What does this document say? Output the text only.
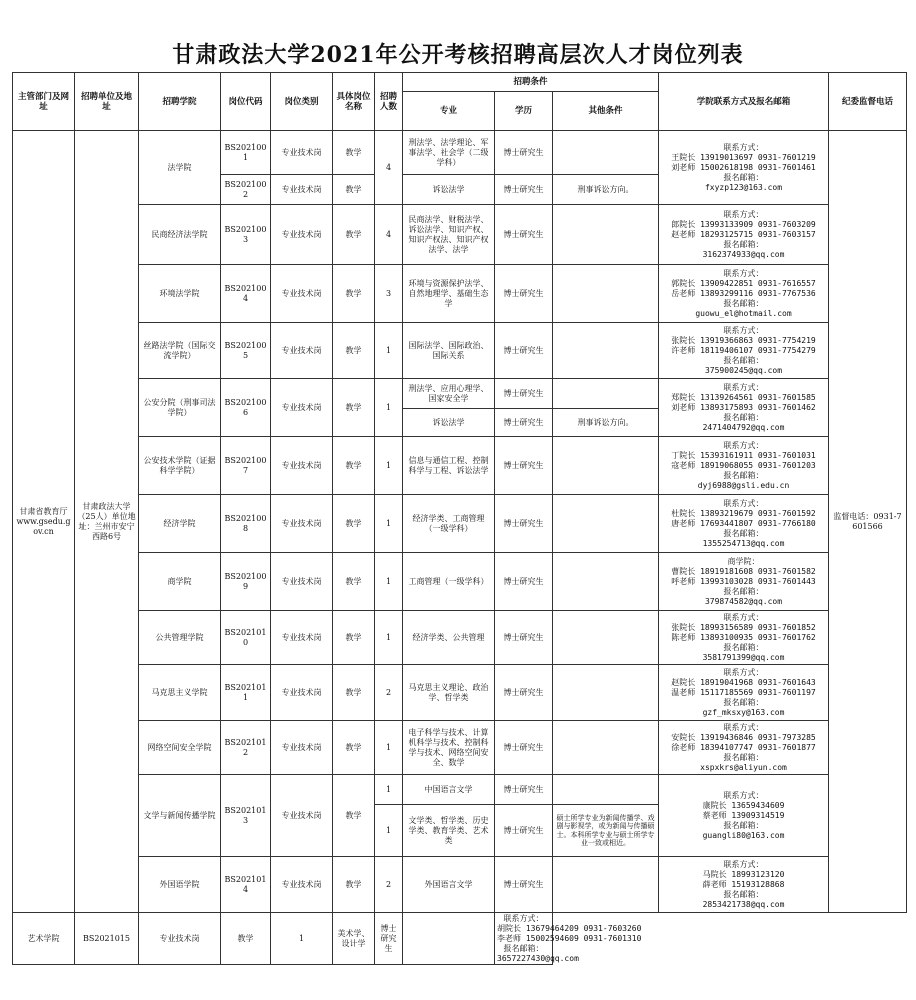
甘肃政法大学2021年公开考核招聘高层次人才岗位列表
主管部门及网址	招聘单位及地址	招聘学院	岗位代码	岗位类别	具体岗位名称	招聘人数	招聘条件			学院联系方式及报名邮箱	纪委监督电话
							专业	学历	其他条件		
甘肃省教育厅 www.gsedu.gov.cn	甘肃政法大学（25人）单位地址：兰州市安宁西路6号	法学院	BS2021001	专业技术岗	教学	4	刑法学、法学理论、军事法学、社会学（二级学科）	博士研究生		联系方式：
王院长 13919013697 0931-7601219
刘老师 15002618198 0931-7601461
报名邮箱：
fxyzp123@163.com	监督电话：0931-7601566
			BS2021002	专业技术岗	教学		诉讼法学	博士研究生	刑事诉讼方向。		
		民商经济法学院	BS2021003	专业技术岗	教学	4	民商法学、财税法学、诉讼法学、知识产权、知识产权法、知识产权法学、法学	博士研究生		联系方式：
郎院长 13993133909 0931-7603209
赵老师 18293125715 0931-7603157
报名邮箱：
3162374933@qq.com	

		环境法学院	BS2021004	专业技术岗	教学	3	环境与资源保护法学、自然地理学、基础生态学	博士研究生		联系方式：
郭院长 13909422851 0931-7616557
岳老师 13893299116 0931-7767536
报名邮箱：
guowu_el@hotmail.com	

		丝路法学院（国际交流学院）	BS2021005	专业技术岗	教学	1	国际法学、国际政治、国际关系	博士研究生		联系方式：
张院长 13919366863 0931-7754219
许老师 18119406107 0931-7754279
报名邮箱：
375900245@qq.com	

		公安分院（刑事司法学院）	BS2021006	专业技术岗	教学	1	刑法学、应用心理学、国家安全学	博士研究生		联系方式：
郑院长 13139264561 0931-7601585
刘老师 13893175893 0931-7601462
报名邮箱：
2471404792@qq.com	

							诉讼法学	博士研究生	刑事诉讼方向。		
		公安技术学院（证据科学学院）	BS2021007	专业技术岗	教学	1	信息与通信工程、控制科学与工程、诉讼法学	博士研究生		联系方式：
丁院长 15393161911 0931-7601031
寇老师 18919068055 0931-7601203
报名邮箱：
dyj6988@gsli.edu.cn	

		经济学院	BS2021008	专业技术岗	教学	1	经济学类、工商管理（一级学科）	博士研究生		联系方式：
杜院长 13893219679 0931-7601592
唐老师 17693441807 0931-7766180
报名邮箱：
1355254713@qq.com	

		商学院	BS2021009	专业技术岗	教学	1	工商管理（一级学科）	博士研究生		商学院：
曹院长 18919181608 0931-7601582
呼老师 13993103028 0931-7601443
报名邮箱：
379874582@qq.com	

		公共管理学院	BS2021010	专业技术岗	教学	1	经济学类、公共管理	博士研究生		联系方式：
张院长 18993156589 0931-7601852
陈老师 13893100935 0931-7601762
报名邮箱：
3581791399@qq.com	

		马克思主义学院	BS2021011	专业技术岗	教学	2	马克思主义理论、政治学、哲学类	博士研究生		联系方式：
赵院长 18919041968 0931-7601643
温老师 15117185569 0931-7601197
报名邮箱：
gzf_mksxy@163.com	

		网络空间安全学院	BS2021012	专业技术岗	教学	1	电子科学与技术、计算机科学与技术、控制科学与技术、网络空间安全、数学	博士研究生		联系方式：
安院长 13919436846 0931-7973285
徐老师 18394107747 0931-7601877
报名邮箱：
xspxkrs@aliyun.com	

		文学与新闻传播学院	BS2021013	专业技术岗	教学	1	中国语言文学	博士研究生		联系方式：
康院长 13659434609
蔡老师 13909314519
报名邮箱：
guangli80@163.com	

						1	文学类、哲学类、历史学类、教育学类、艺术类	博士研究生	硕士所学专业为新闻传播学、戏剧与影视学，或为新闻与传播硕士。本科所学专业与硕士所学专业一致或相近。		
		外国语学院	BS2021014	专业技术岗	教学	2	外国语言文学	博士研究生		联系方式：
马院长 18993123120
薛老师 15193128868
报名邮箱：
2853421738@qq.com	

艺术学院	BS2021015	专业技术岗	教学	1	美术学、设计学	博士研究生		联系方式：
胡院长 13679464209 0931-7603260
李老师 15002594609 0931-7601310
报名邮箱：
3657227430@qq.com			
